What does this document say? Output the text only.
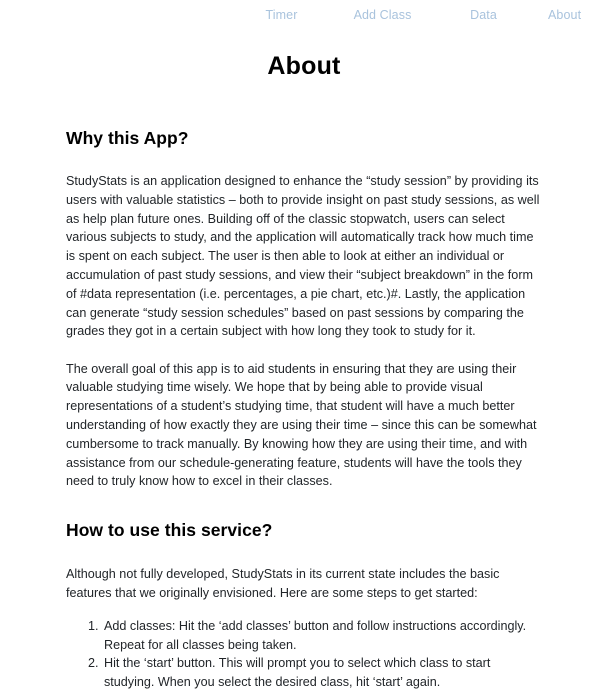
Timer	Add Class	Data	About
About
Why this App?

StudyStats is an application designed to enhance the “study session” by providing its users with valuable statistics – both to provide insight on past study sessions, as well as help plan future ones. Building off of the classic stopwatch, users can select various subjects to study, and the application will automatically track how much time is spent on each subject. The user is then able to look at either an individual or accumulation of past study sessions, and view their “subject breakdown” in the form of #data representation (i.e. percentages, a pie chart, etc.)#. Lastly, the application can generate “study session schedules” based on past sessions by comparing the grades they got in a certain subject with how long they took to study for it.

The overall goal of this app is to aid students in ensuring that they are using their valuable studying time wisely. We hope that by being able to provide visual representations of a student’s studying time, that student will have a much better understanding of how exactly they are using their time – since this can be somewhat cumbersome to track manually. By knowing how they are using their time, and with assistance from our schedule-generating feature, students will have the tools they need to truly know how to excel in their classes.

How to use this service?

Although not fully developed, StudyStats in its current state includes the basic features that we originally envisioned. Here are some steps to get started:

1. Add classes: Hit the ‘add classes’ button and follow instructions accordingly. Repeat for all classes being taken.
2. Hit the ‘start’ button. This will prompt you to select which class to start studying. When you select the desired class, hit ‘start’ again.
